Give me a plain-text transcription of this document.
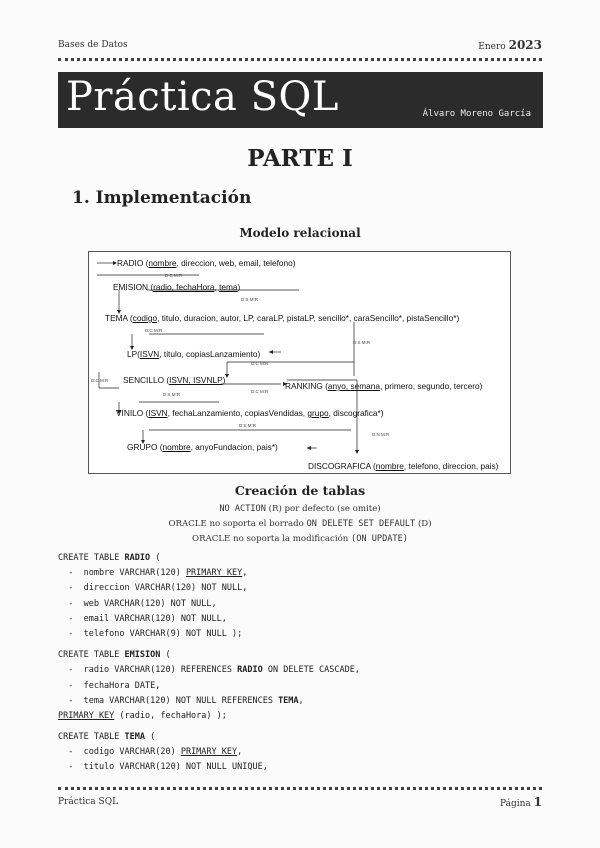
Bases de Datos	Enero 2023
Práctica SQL	Álvaro Moreno García
PARTE I
1. Implementación
Modelo relacional
RADIO (nombre, direccion, web, email, telefono)
EMISION (radio, fechaHora, tema)
TEMA (codigo, titulo, duracion, autor, LP, caraLP, pistaLP, sencillo*, caraSencillo*, pistaSencillo*)
LP(ISVN, titulo, copiasLanzamiento)
SENCILLO (ISVN, ISVNLP)
RANKING (anyo, semana, primero, segundo, tercero)
VINILO (ISVN, fechaLanzamiento, copiasVendidas, grupo, discografica*)
GRUPO (nombre, anyoFundacion, pais*)
DISCOGRAFICA (nombre, telefono, direccion, pais)
D:C M:R
D:S M:R
D:C M:R
D:S M:R
D:C M:R
D:C M:R
D:S M:R
D:C M:R
D:S M:R
D:N M:R
Creación de tablas
NO ACTION (R) por defecto (se omite)
ORACLE no soporta el borrado ON DELETE SET DEFAULT (D)
ORACLE no soporta la modificación (ON UPDATE)
CREATE TABLE RADIO (
-  nombre VARCHAR(120) PRIMARY KEY,
-  direccion VARCHAR(120) NOT NULL,
-  web VARCHAR(120) NOT NULL,
-  email VARCHAR(120) NOT NULL,
-  telefono VARCHAR(9) NOT NULL );
CREATE TABLE EMISION (
-  radio VARCHAR(120) REFERENCES RADIO ON DELETE CASCADE,
-  fechaHora DATE,
-  tema VARCHAR(120) NOT NULL REFERENCES TEMA,
PRIMARY KEY (radio, fechaHora) );
CREATE TABLE TEMA (
-  codigo VARCHAR(20) PRIMARY KEY,
-  titulo VARCHAR(120) NOT NULL UNIQUE,
Práctica SQL	Página 1
